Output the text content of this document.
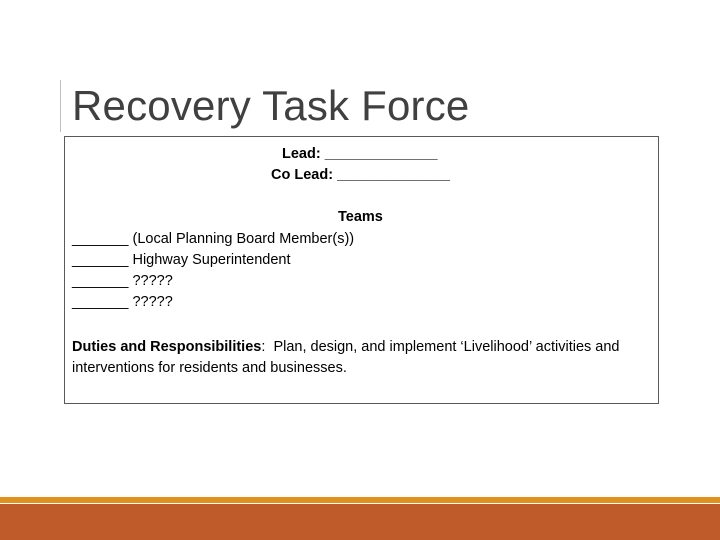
Recovery Task Force
Lead: ______________
Co Lead: ______________
Teams
_______ (Local Planning Board Member(s))
_______ Highway Superintendent
_______ ?????
_______ ?????
Duties and Responsibilities: Plan, design, and implement ‘Livelihood’ activities and interventions for residents and businesses.
